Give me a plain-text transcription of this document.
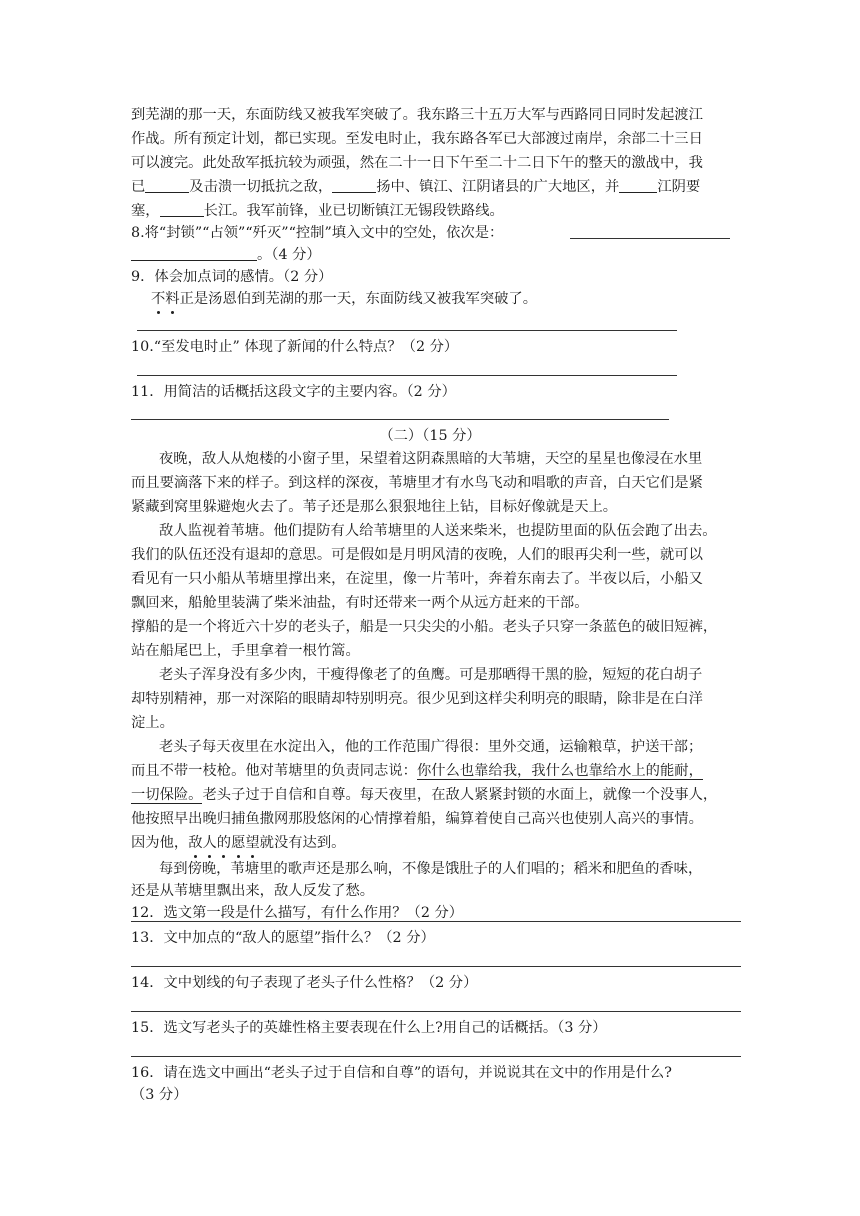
到芜湖的那一天，东面防线又被我军突破了。我东路三十五万大军与西路同日同时发起渡江
作战。所有预定计划，都已实现。至发电时止，我东路各军已大部渡过南岸，余部二十三日
可以渡完。此处敌军抵抗较为顽强，然在二十一日下午至二十二日下午的整天的激战中，我
已	及击溃一切抵抗之敌，	扬中、镇江、江阴诸县的广大地区，并	江阴要
塞，	长江。我军前锋，业已切断镇江无锡段铁路线。
8.将“封锁”“占领”“歼灭”“控制”填入文中的空处，依次是：
。（4 分）
9．体会加点词的感情。（2 分）
不料正是汤恩伯到芜湖的那一天，东面防线又被我军突破了。
10.“至发电时止” 体现了新闻的什么特点？（2 分）
11．用简洁的话概括这段文字的主要内容。（2 分）
（二）（15 分）
夜晚，敌人从炮楼的小窗子里，呆望着这阴森黑暗的大苇塘，天空的星星也像浸在水里
而且要滴落下来的样子。到这样的深夜，苇塘里才有水鸟飞动和唱歌的声音，白天它们是紧
紧藏到窝里躲避炮火去了。苇子还是那么狠狠地往上钻，目标好像就是天上。
敌人监视着苇塘。他们提防有人给苇塘里的人送来柴米，也提防里面的队伍会跑了出去。
我们的队伍还没有退却的意思。可是假如是月明风清的夜晚，人们的眼再尖利一些，就可以
看见有一只小船从苇塘里撑出来，在淀里，像一片苇叶，奔着东南去了。半夜以后，小船又
飘回来，船舱里装满了柴米油盐，有时还带来一两个从远方赶来的干部。
撑船的是一个将近六十岁的老头子，船是一只尖尖的小船。老头子只穿一条蓝色的破旧短裤，
站在船尾巴上，手里拿着一根竹篙。
老头子浑身没有多少肉，干瘦得像老了的鱼鹰。可是那晒得干黑的脸，短短的花白胡子
却特别精神，那一对深陷的眼睛却特别明亮。很少见到这样尖利明亮的眼睛，除非是在白洋
淀上。
老头子每天夜里在水淀出入，他的工作范围广得很：里外交通，运输粮草，护送干部；
而且不带一枝枪。他对苇塘里的负责同志说：你什么也靠给我，我什么也靠给水上的能耐，
一切保险。老头子过于自信和自尊。每天夜里，在敌人紧紧封锁的水面上，就像一个没事人，
他按照早出晚归捕鱼撒网那股悠闲的心情撑着船，编算着使自己高兴也使别人高兴的事情。
因为他，敌人的愿望就没有达到。
每到傍晚，苇塘里的歌声还是那么响，不像是饿肚子的人们唱的；稻米和肥鱼的香味，
还是从苇塘里飘出来，敌人反发了愁。
12．选文第一段是什么描写，有什么作用？（2 分）
13．文中加点的“敌人的愿望”指什么？（2 分）
14．文中划线的句子表现了老头子什么性格？（2 分）
15．选文写老头子的英雄性格主要表现在什么上?用自己的话概括。（3 分）
16．请在选文中画出“老头子过于自信和自尊”的语句，并说说其在文中的作用是什么?
（3 分）
